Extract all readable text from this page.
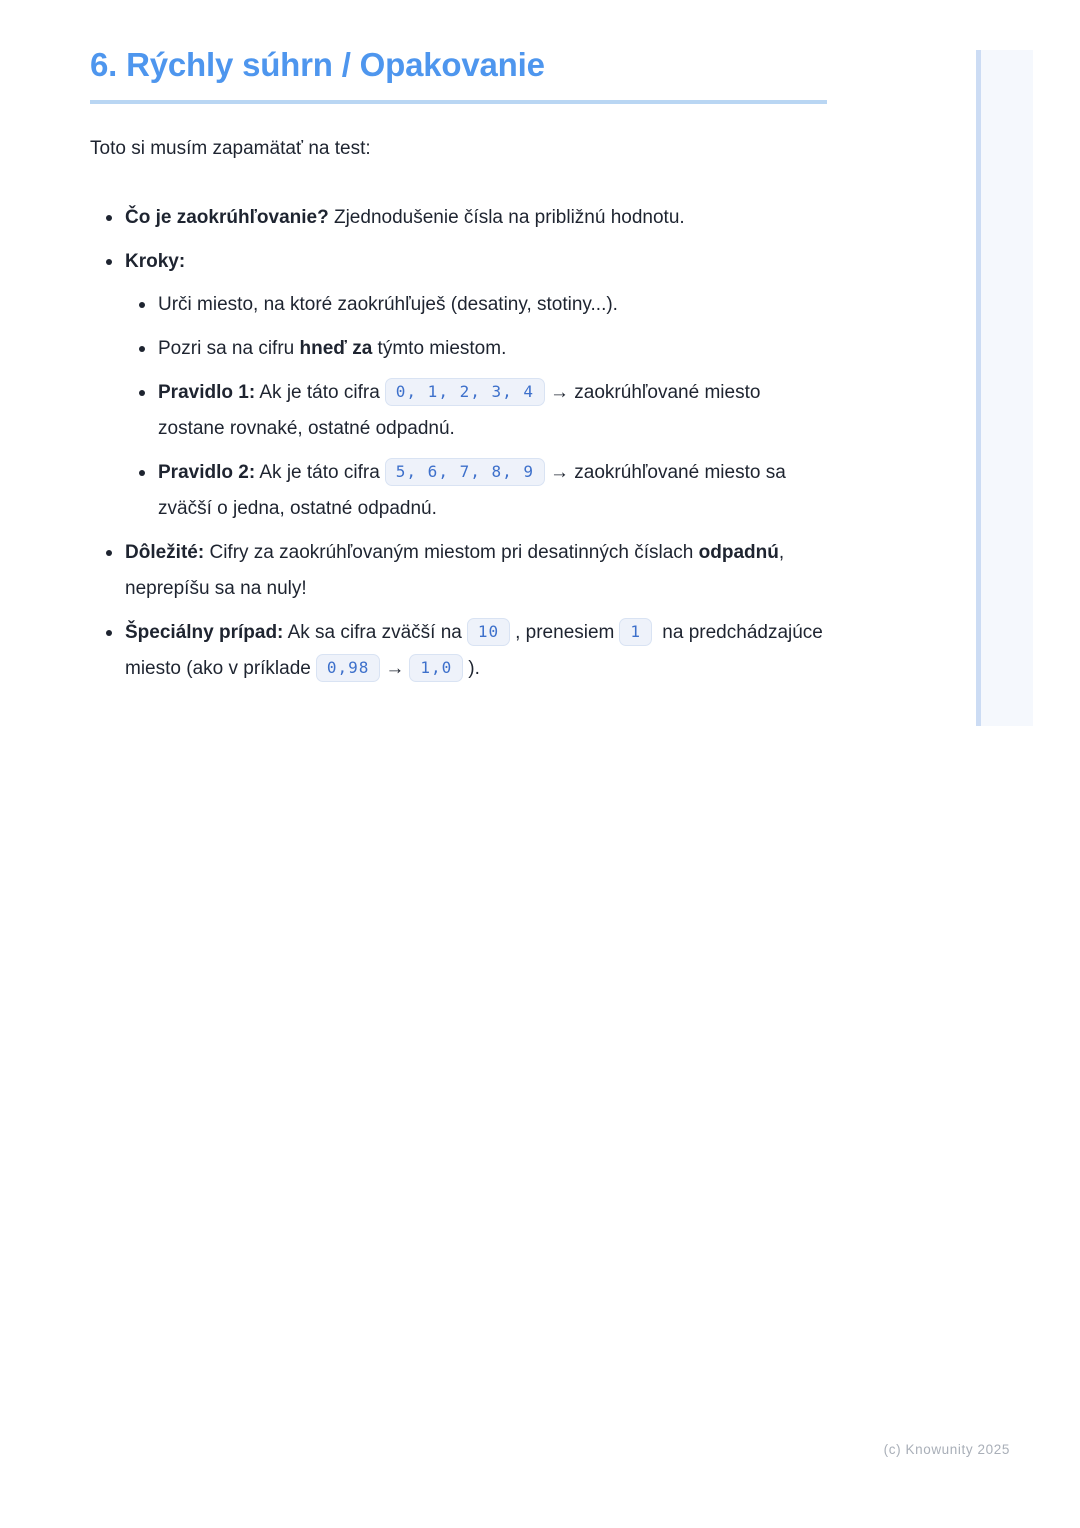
6. Rýchly súhrn / Opakovanie

Toto si musím zapamätať na test:

Čo je zaokrúhľovanie? Zjednodušenie čísla na približnú hodnotu.
Kroky:
Urči miesto, na ktoré zaokrúhľuješ (desatiny, stotiny...).
Pozri sa na cifru hneď za týmto miestom.
Pravidlo 1: Ak je táto cifra 0, 1, 2, 3, 4 → zaokrúhľované miesto zostane rovnaké, ostatné odpadnú.
Pravidlo 2: Ak je táto cifra 5, 6, 7, 8, 9 → zaokrúhľované miesto sa zväčší o jedna, ostatné odpadnú.
Dôležité: Cifry za zaokrúhľovaným miestom pri desatinných číslach odpadnú, neprepíšu sa na nuly!
Špeciálny prípad: Ak sa cifra zväčší na 10 , prenesiem 1 na predchádzajúce miesto (ako v príklade 0,98 → 1,0 ).
(c) Knowunity 2025
